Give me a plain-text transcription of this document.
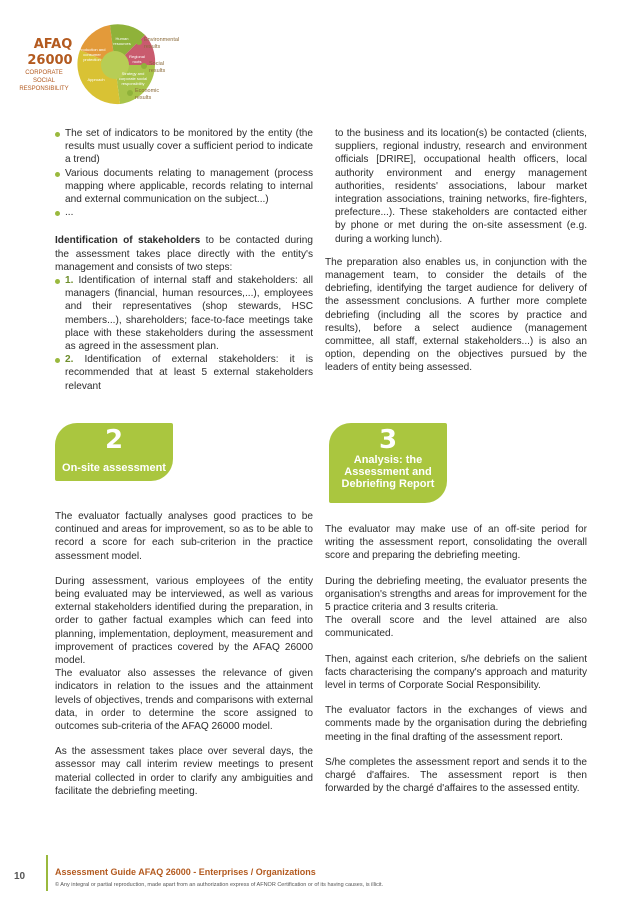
AFAQ
26000
CORPORATE SOCIAL
RESPONSIBILITY
Production and consumer protection
Human resources
Regional roots
Strategy and corporate social responsibility
Approach
Environmental results
Social results
Economic results
The set of indicators to be monitored by the entity (the results must usually cover a sufficient period to indicate a trend)
Various documents relating to management (process mapping where applicable, records relating to internal and external communication on the subject...)
...

Identification of stakeholders to be contacted during the assessment takes place directly with the entity's management and consists of two steps:

1. Identification of internal staff and stakeholders: all managers (financial, human resources,...), employees and their representatives (shop stewards, HSC members...), shareholders; face-to-face meetings take place with these stakeholders during the assessment as agreed in the assessment plan.
2. Identification of external stakeholders: it is recommended that at least 5 external stakeholders relevant

to the business and its location(s) be contacted (clients, suppliers, regional industry, research and environment officials [DRIRE], occupational health officers, local authority environment and energy management authorities, residents' associations, labour market integration associations, training networks, fire-fighters, prefecture...). These stakeholders are contacted either by phone or met during the on-site assessment (e.g. during a working lunch).

The preparation also enables us, in conjunction with the management team, to consider the details of the debriefing, identifying the target audience for delivery of the assessment conclusions. A further more complete debriefing (including all the scores by practice and results), before a select audience (management committee, all staff, external stakeholders...) is also an option, depending on the objectives pursued by the leaders of entity being assessed.

2
On-site assessment
3
Analysis: the
Assessment and
Debriefing Report

The evaluator factually analyses good practices to be continued and areas for improvement, so as to be able to record a score for each sub-criterion in the practice assessment model.

During assessment, various employees of the entity being evaluated may be interviewed, as well as various external stakeholders identified during the preparation, in order to gather factual examples which can feed into planning, implementation, deployment, measurement and improvement of practices covered by the AFAQ 26000 model.

The evaluator also assesses the relevance of given indicators in relation to the issues and the attainment levels of objectives, trends and comparisons with external data, in order to determine the score assigned to outcomes sub-criteria of the AFAQ 26000 model.

As the assessment takes place over several days, the assessor may call interim review meetings to present material collected in order to clarify any ambiguities and facilitate the debriefing meeting.

The evaluator may make use of an off-site period for writing the assessment report, consolidating the overall score and preparing the debriefing meeting.

During the debriefing meeting, the evaluator presents the organisation's strengths and areas for improvement for the 5 practice criteria and 3 results criteria.

The overall score and the level attained are also communicated.

Then, against each criterion, s/he debriefs on the salient facts characterising the company's approach and maturity level in terms of Corporate Social Responsibility.

The evaluator factors in the exchanges of views and comments made by the organisation during the debriefing meeting in the final drafting of the assessment report.

S/he completes the assessment report and sends it to the chargé d'affaires. The assessment report is then forwarded by the chargé d'affaires to the assessed entity.

10	Assessment Guide AFAQ 26000 - Enterprises / Organizations
© Any integral or partial reproduction, made apart from an authorization express of AFNOR Certification or of its having causes, is illicit.
